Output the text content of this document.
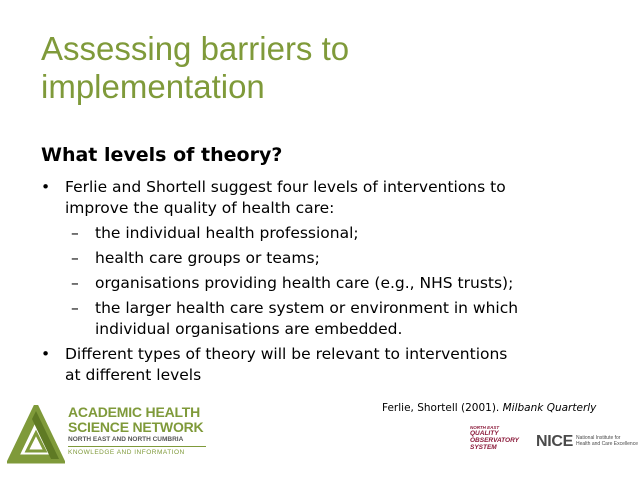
Assessing barriers to
implementation
What levels of theory?
• Ferlie and Shortell suggest four levels of interventions to
improve the quality of health care:
– the individual health professional;
– health care groups or teams;
– organisations providing health care (e.g., NHS trusts);
– the larger health care system or environment in which
individual organisations are embedded.
• Different types of theory will be relevant to interventions
at different levels
Ferlie, Shortell (2001). Milbank Quarterly
ACADEMIC HEALTH
SCIENCE NETWORK
NORTH EAST AND NORTH CUMBRIA
KNOWLEDGE AND INFORMATION
NORTH EAST
QUALITY
OBSERVATORY
SYSTEM	NICE National Institute for
Health and Care Excellence
